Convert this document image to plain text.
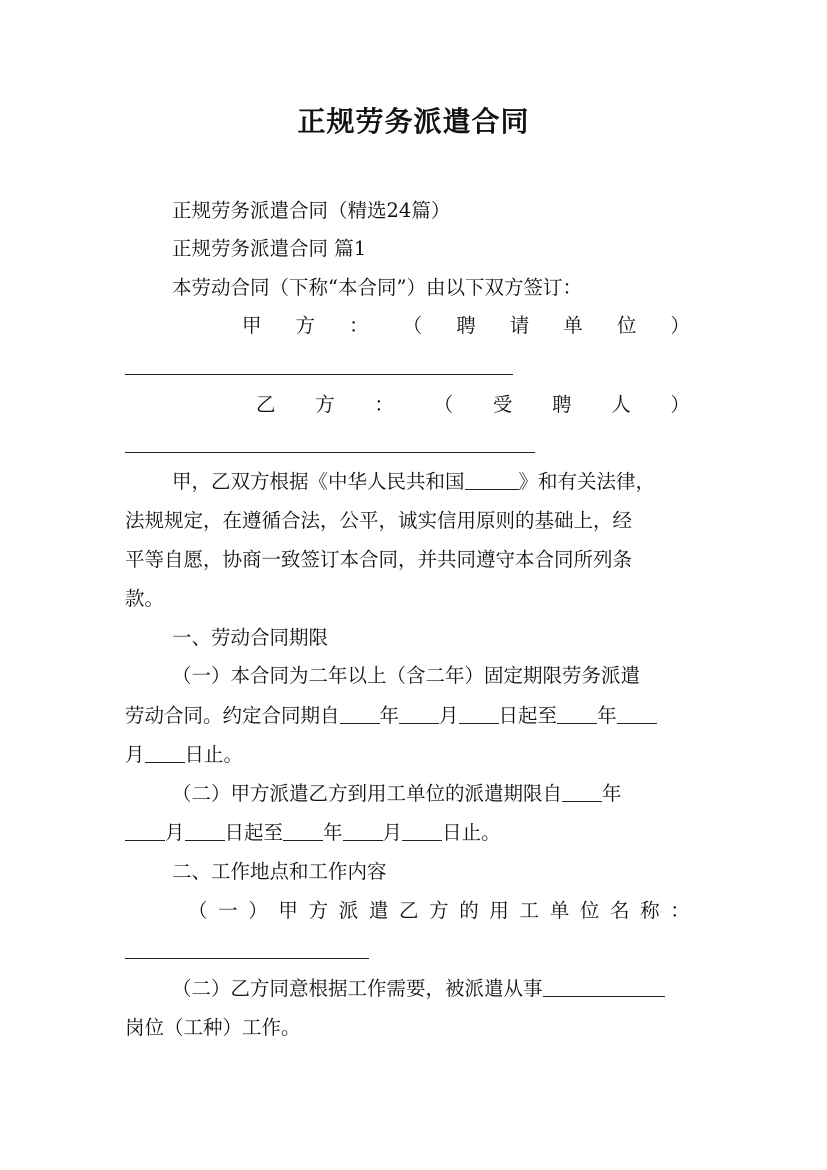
正规劳务派遣合同
正规劳务派遣合同（精选24篇）
正规劳务派遣合同 篇1
本劳动合同（下称“本合同”）由以下双方签订：
甲 方 ： （ 聘 请 单 位 ）
乙 方 ： （ 受 聘 人 ）
甲，乙双方根据《中华人民共和国	》和有关法律，
法规规定，在遵循合法，公平，诚实信用原则的基础上，经
平等自愿，协商一致签订本合同，并共同遵守本合同所列条
款。
一、劳动合同期限
（一）本合同为二年以上（含二年）固定期限劳务派遣
劳动合同。约定合同期自 年 月 日起至 年
月 日止。
（二）甲方派遣乙方到用工单位的派遣期限自 年
月 日起至 年 月 日止。
二、工作地点和工作内容
（ 一 ） 甲 方 派 遣 乙 方 的 用 工 单 位 名 称 ：
（二）乙方同意根据工作需要，被派遣从事
岗位（工种）工作。
